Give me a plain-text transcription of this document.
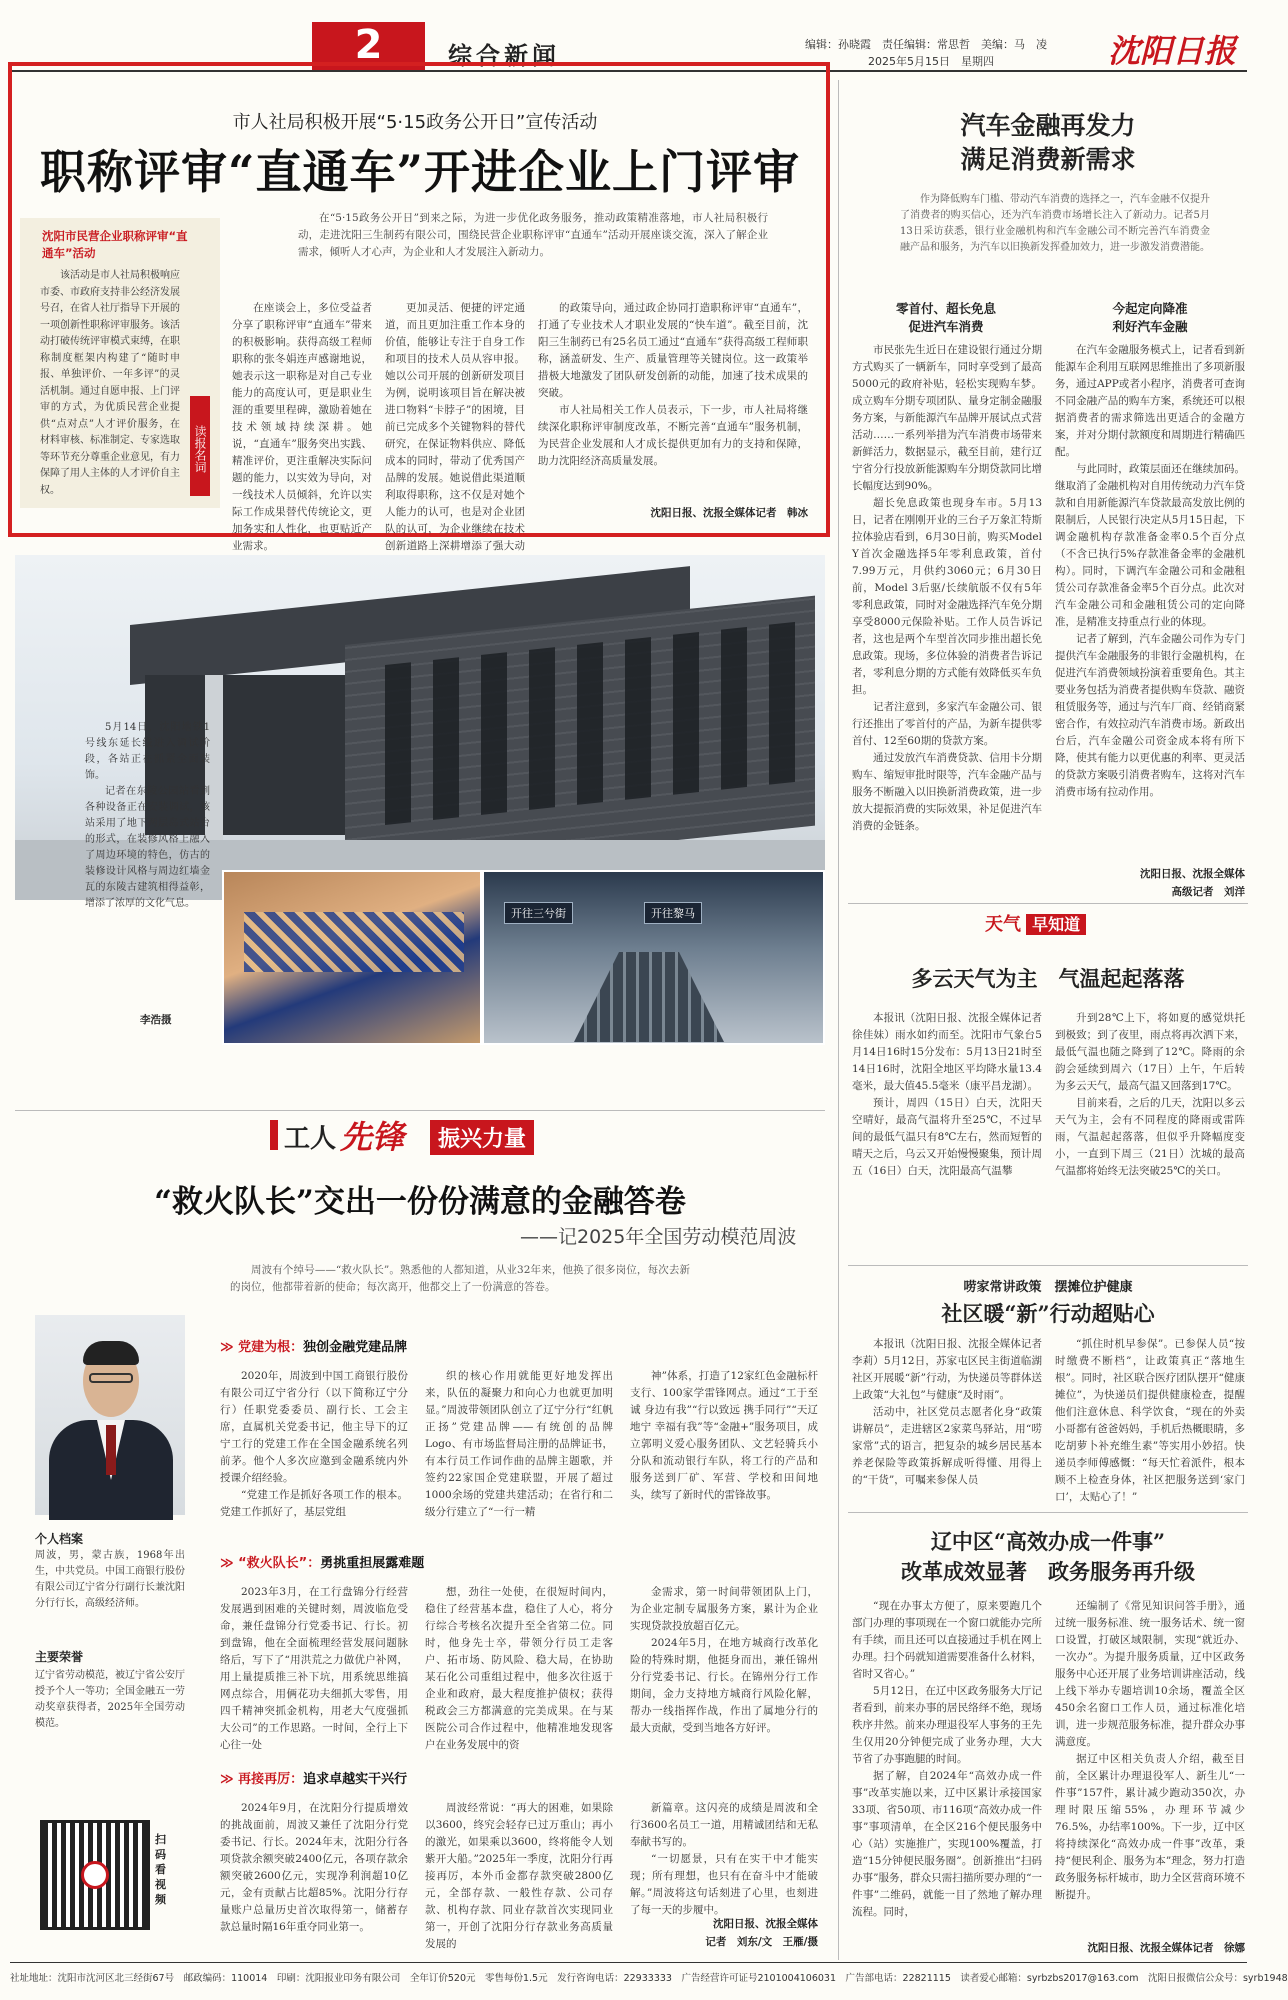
2	综合新闻	编辑：孙晓霞　责任编辑：常思哲　美编：马　凌
2025年5月15日　星期四	沈阳日报
市人社局积极开展“5·15政务公开日”宣传活动
职称评审“直通车”开进企业上门评审
沈阳市民营企业职称评审“直通车”活动
该活动是市人社局积极响应市委、市政府支持非公经济发展号召，在省人社厅指导下开展的一项创新性职称评审服务。该活动打破传统评审模式束缚，在职称制度框架内构建了“随时申报、单独评价、一年多评”的灵活机制。通过自愿申报、上门评审的方式，为优质民营企业提供“点对点”人才评价服务，在材料审核、标准制定、专家选取等环节充分尊重企业意见，有力保障了用人主体的人才评价自主权。
读报名词
在“5·15政务公开日”到来之际，为进一步优化政务服务，推动政策精准落地，市人社局积极行动，走进沈阳三生制药有限公司，围绕民营企业职称评审“直通车”活动开展座谈交流，深入了解企业需求，倾听人才心声，为企业和人才发展注入新动力。

在座谈会上，多位受益者分享了职称评审“直通车”带来的积极影响。获得高级工程师职称的张冬娟连声感谢地说，她表示这一职称是对自己专业能力的高度认可，更是职业生涯的重要里程碑，激励着她在技术领域持续深耕。她说，“直通车”服务突出实践、精准评价，更注重解决实际问题的能力，以实效为导向，对一线技术人员倾斜，允许以实际工作成果替代传统论文，更加务实和人性化，也更贴近产业需求。

更加灵活、便捷的评定通道，而且更加注重工作本身的价值，能够让专注于自身工作和项目的技术人员从容申报。她以公司开展的创新研发项目为例，说明该项目旨在解决被进口物料“卡脖子”的困境，目前已完成多个关键物料的替代研究，在保证物料供应、降低成本的同时，带动了优秀国产品牌的发展。她说借此渠道顺利取得职称，这不仅是对她个人能力的认可，也是对企业团队的认可，为企业继续在技术创新道路上深耕增添了强大动

的政策导向，通过政企协同打造职称评审“直通车”，打通了专业技术人才职业发展的“快车道”。截至目前，沈阳三生制药已有25名员工通过“直通车”获得高级工程师职称，涵盖研发、生产、质量管理等关键岗位。这一政策举措极大地激发了团队研发创新的动能，加速了技术成果的突破。

市人社局相关工作人员表示，下一步，市人社局将继续深化职称评审制度改革，不断完善“直通车”服务机制，为民营企业发展和人才成长提供更加有力的支持和保障，助力沈阳经济高质量发展。

沈阳日报、沈报全媒体记者　韩冰

5月14日，沈阳地铁1号线东延长线进入调试阶段，各站正在抓紧全面装饰。

记者在东陵公园站看到各种设备正在安装调试，该站采用了地下两层岛式站台的形式，在装修风格上融入了周边环境的特色，仿古的装修设计风格与周边红墙金瓦的东陵古建筑相得益彰，增添了浓厚的文化气息。

李浩摄
开往三兮街	开往黎马
工人 先锋	振兴力量
“救火队长”交出一份份满意的金融答卷
——记2025年全国劳动模范周波
周波有个绰号——“救火队长”。熟悉他的人都知道，从业32年来，他换了很多岗位，每次去新的岗位，他都带着新的使命；每次离开，他都交上了一份满意的答卷。
个人档案
周波，男，蒙古族，1968年出生，中共党员。中国工商银行股份有限公司辽宁省分行副行长兼沈阳分行行长，高级经济师。
主要荣誉
辽宁省劳动模范，被辽宁省公安厅授予个人一等功；全国金融五一劳动奖章获得者，2025年全国劳动模范。
扫码看视频
≫ 党建为根：独创金融党建品牌

2020年，周波到中国工商银行股份有限公司辽宁省分行（以下简称辽宁分行）任职党委委员、副行长、工会主席，直属机关党委书记，他主导下的辽宁工行的党建工作在全国金融系统名列前茅。他个人多次应邀到金融系统内外授课介绍经验。

“党建工作是抓好各项工作的根本。党建工作抓好了，基层党组

织的核心作用就能更好地发挥出来，队伍的凝聚力和向心力也就更加明显。”周波带领团队创立了辽宁分行“红帆正扬”党建品牌——有统创的品牌Logo、有市场监督局注册的品牌证书，有本行员工作词作曲的品牌主题歌，并签约22家国企党建联盟，开展了超过1000余场的党建共建活动；在省行和二级分行建立了“一行一精

神”体系，打造了12家红色金融标杆支行、100家学雷锋网点。通过“工于至诚 身边有我”“行以致远 携手同行”“天辽地宁 幸福有我”等“金融+”服务项目，成立郭明义爱心服务团队、文艺轻骑兵小分队和流动银行车队，将工行的产品和服务送到厂矿、军营、学校和田间地头，续写了新时代的雷锋故事。

≫ “救火队长”：勇挑重担展露难题

2023年3月，在工行盘锦分行经营发展遇到困难的关键时刻，周波临危受命，兼任盘锦分行党委书记、行长。初到盘锦，他在全面梳理经营发展问题脉络后，写下了“用洪荒之力做优户补网，用上量提质推三补下坑，用系统思维搞网点综合，用俩花功夫细抓大零售，用四千精神突抓金机构，用老大气度强抓大公司”的工作思路。一时间，全行上下心往一处

想，劲往一处使，在很短时间内，稳住了经营基本盘，稳住了人心，将分行综合考核名次提升至全省第二位。同时，他身先士卒，带领分行员工走客户、拓市场、防风险、稳大局，在协助某石化公司重组过程中，他多次往返于企业和政府，最大程度推护债权；获得税政会三方都满意的完美成果。在与某医院公司合作过程中，他精准地发现客户在业务发展中的资

金需求，第一时间带领团队上门，为企业定制专属服务方案，累计为企业实现贷款投放超百亿元。

2024年5月，在地方城商行改革化险的特殊时期，他挺身而出，兼任锦州分行党委书记、行长。在锦州分行工作期间，金力支持地方城商行风险化解，帮办一线指挥作战，作出了属地分行的最大贡献，受到当地各方好评。

≫ 再接再厉：追求卓越实干兴行

2024年9月，在沈阳分行提质增效的挑战面前，周波又兼任了沈阳分行党委书记、行长。2024年末，沈阳分行各项贷款余额突破2400亿元，各项存款余额突破2600亿元，实现净利润超10亿元，金有贡献占比超85%。沈阳分行存量账户总量历史首次取得第一，储蓄存款总量时隔16年重夺同业第一。

周波经常说：“再大的困难，如果除以3600，终究会轻存已过万重山；再小的激光，如果乘以3600，终将能令人划紫开大船。”2025年一季度，沈阳分行再接再厉，本外币金都存款突破2800亿元，全部存款、一般性存款、公司存款、机构存款、同业存款首次实现同业第一，开创了沈阳分行存款业务高质量发展的

新篇章。这闪亮的成绩是周波和全行3600名员工一道，用精诚团结和无私奉献书写的。

“一切愿景，只有在实干中才能实现；所有理想，也只有在奋斗中才能破解。”周波将这句话刻进了心里，也刻进了每一天的步履中。

沈阳日报、沈报全媒体
记者　刘东/文　王雁/摄
汽车金融再发力
满足消费新需求
作为降低购车门槛、带动汽车消费的选择之一，汽车金融不仅提升了消费者的购买信心，还为汽车消费市场增长注入了新动力。记者5月13日采访获悉，银行业金融机构和汽车金融公司不断完善汽车消费金融产品和服务，为汽车以旧换新发挥叠加效力，进一步激发消费潜能。
零首付、超长免息
促进汽车消费
今起定向降准
利好汽车金融

市民张先生近日在建设银行通过分期方式购买了一辆新车，同时享受到了最高5000元的政府补贴，轻松实现购车梦。成立购车分期专项团队、量身定制金融服务方案，与新能源汽车品牌开展试点式营活动……一系列举措为汽车消费市场带来新鲜活力，数据显示，截至目前，建行辽宁省分行投放新能源购车分期贷款同比增长幅度达到90%。

超长免息政策也现身车市。5月13日，记者在刚刚开业的三台子万象汇特斯拉体验店看到，6月30日前，购买Model Y首次金融选择5年零利息政策，首付7.99万元，月供约3060元；6月30日前，Model 3后驱/长续航版不仅有5年零利息政策，同时对金融选择汽车免分期享受8000元保险补贴。工作人员告诉记者，这也是两个车型首次同步推出超长免息政策。现场，多位体验的消费者告诉记者，零利息分期的方式能有效降低买车负担。

记者注意到，多家汽车金融公司、银行还推出了零首付的产品，为新车提供零首付、12至60期的贷款方案。

通过发放汽车消费贷款、信用卡分期购车、缩短审批时限等，汽车金融产品与服务不断融入以旧换新消费政策，进一步放大提振消费的实际效果，补足促进汽车消费的金链条。

在汽车金融服务模式上，记者看到新能源车企利用互联网思维推出了多项新服务，通过APP或者小程序，消费者可查询不同金融产品的购车方案，系统还可以根据消费者的需求筛选出更适合的金融方案，并对分期付款额度和周期进行精确匹配。

与此同时，政策层面还在继续加码。继取消了金融机构对自用传统动力汽车贷款和自用新能源汽车贷款最高发放比例的限制后，人民银行决定从5月15日起，下调金融机构存款准备金率0.5个百分点（不含已执行5%存款准备金率的金融机构）。同时，下调汽车金融公司和金融租赁公司存款准备金率5个百分点。此次对汽车金融公司和金融租赁公司的定向降准，是精准支持重点行业的体现。

记者了解到，汽车金融公司作为专门提供汽车金融服务的非银行金融机构，在促进汽车消费领域扮演着重要角色。其主要业务包括为消费者提供购车贷款、融资租赁服务等，通过与汽车厂商、经销商紧密合作，有效拉动汽车消费市场。新政出台后，汽车金融公司资金成本将有所下降，使其有能力以更优惠的利率、更灵活的贷款方案吸引消费者购车，这将对汽车消费市场有拉动作用。

沈阳日报、沈报全媒体
高级记者　刘洋
天气 早知道
多云天气为主　气温起起落落

本报讯（沈阳日报、沈报全媒体记者徐佳妹）雨水如约而至。沈阳市气象台5月14日16时15分发布：5月13日21时至14日16时，沈阳全地区平均降水量13.4毫米，最大值45.5毫米（康平昌龙湖）。

预计，周四（15日）白天，沈阳天空晴好，最高气温将升至25℃，不过早间的最低气温只有8℃左右，然而短暂的晴天之后，乌云又开始慢慢聚集，预计周五（16日）白天，沈阳最高气温攀

升到28℃上下，将如夏的感觉烘托到极致；到了夜里，雨点将再次洒下来，最低气温也随之降到了12℃。降雨的余韵会延续到周六（17日）上午，午后转为多云天气，最高气温又回落到17℃。

目前来看，之后的几天，沈阳以多云天气为主，会有不同程度的降雨或雷阵雨，气温起起落落，但似乎升降幅度变小，一直到下周三（21日）沈城的最高气温都将始终无法突破25℃的关口。

唠家常讲政策　摆摊位护健康
社区暖“新”行动超贴心

本报讯（沈阳日报、沈报全媒体记者李莉）5月12日，苏家屯区民主街道临湖社区开展暖“新”行动，为快递员等群体送上政策“大礼包”与健康“及时雨”。

活动中，社区党员志愿者化身“政策讲解员”，走进辖区2家菜鸟驿站，用“唠家常”式的语言，把复杂的城乡居民基本养老保险等政策拆解成听得懂、用得上的“干货”，可嘱来参保人员

“抓住时机早参保”。已参保人员“按时缴费不断档”，让政策真正“落地生根”。同时，社区联合医疗团队摆开“健康摊位”，为快递员们提供健康检查，提醒他们注意休息、科学饮食，“现在的外卖小哥都有爸爸妈妈，手机后热概眼睛，多吃胡萝卜补充维生素”等实用小妙招。快递员李师傅感慨：“每天忙着派件，根本顾不上检查身体，社区把服务送到‘家门口’，太贴心了！”

辽中区“高效办成一件事”
改革成效显著　政务服务再升级

“现在办事太方便了，原来要跑几个部门办理的事项现在一个窗口就能办完所有手续，而且还可以直接通过手机在网上办理。扫个码就知道需要准备什么材料，省时又省心。”

5月12日，在辽中区政务服务大厅记者看到，前来办事的居民络绎不绝，现场秩序井然。前来办理退役军人事务的王先生仅用20分钟便完成了业务办理，大大节省了办事跑腿的时间。

据了解，自2024年“高效办成一件事”改革实施以来，辽中区累计承接国家33项、省50项、市116项“高效办成一件事”事项清单，在全区216个便民服务中心（站）实施推广，实现100%覆盖，打造“15分钟便民服务圈”。创新推出“扫码办事”服务，群众只需扫描所要办理的“一件事”二维码，就能一目了然地了解办理流程。同时，

还编制了《常见知识问答手册》，通过统一服务标准、统一服务话术、统一窗口设置，打破区域限制，实现“就近办、一次办”。为提升服务质量，辽中区政务服务中心还开展了业务培训讲座活动，线上线下举办专题培训10余场，覆盖全区450余名窗口工作人员，通过标准化培训，进一步规范服务标准，提升群众办事满意度。

据辽中区相关负责人介绍，截至目前，全区累计办理退役军人、新生儿“一件事”157件，累计减少跑动350次，办理时限压缩55%，办理环节减少76.5%，办结率100%。下一步，辽中区将持续深化“高效办成一件事”改革，秉持“便民利企、服务为本”理念，努力打造政务服务标杆城市，助力全区营商环境不断提升。

沈阳日报、沈报全媒体记者　徐娜
社址地址：沈阳市沈河区北三经街67号　邮政编码：110014　印刷：沈阳报业印务有限公司　全年订价520元　零售每份1.5元　发行咨询电话：22933333　广告经营许可证号2101004106031　广告部电话：22821115　读者爱心邮箱：syrbzbs2017@163.com　沈阳日报微信公众号：syrb1948
